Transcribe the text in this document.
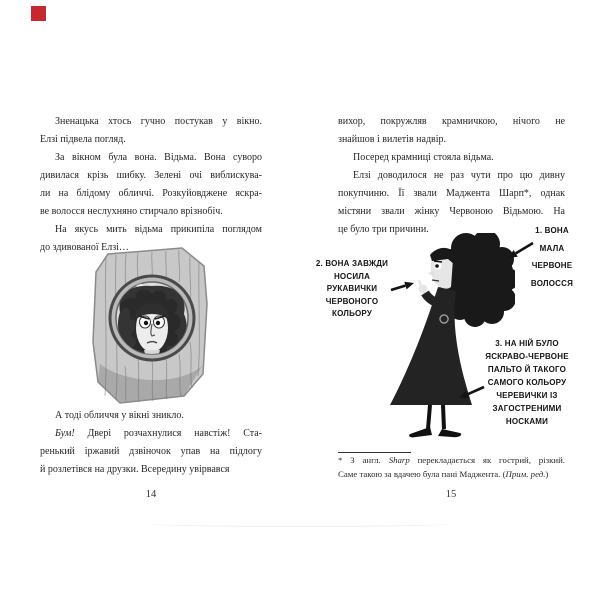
Зненацька хтось гучно постукав у вікно.
Елзі підвела погляд.
За вікном була вона. Відьма. Вона суворо
дивилася крізь шибку. Зелені очі виблискува-
ли на блідому обличчі. Розкуйовджене яскра-
ве волосся неслухняно стирчало врізнобіч.
На якусь мить відьма прикипіла поглядом
до здивованої Елзі…
А тоді обличчя у вікні зникло.
Бум! Двері розчахнулися навстіж! Ста-
ренький іржавий дзвіночок упав на підлогу
й розлетівся на друзки. Всередину увірвався
14
вихор, покружляв крамничкою, нічого не
знайшов і вилетів надвір.
Посеред крамниці стояла відьма.
Елзі доводилося не раз чути про цю дивну
покупчиню. Її звали Маджента Шарп*, однак
містяни звали жінку Червоною Відьмою. На
це було три причини.	1. ВОНА
МАЛА
ЧЕРВОНЕ
ВОЛОССЯ
2. ВОНА ЗАВЖДИ
НОСИЛА
РУКАВИЧКИ
ЧЕРВОНОГО
КОЛЬОРУ
3. НА НІЙ БУЛО
ЯСКРАВО-ЧЕРВОНЕ
ПАЛЬТО Й ТАКОГО
САМОГО КОЛЬОРУ
ЧЕРЕВИЧКИ ІЗ
ЗАГОСТРЕНИМИ
НОСКАМИ
* З англ. Sharp перекладається як гострий, різкий.
Саме такою за вдачею була пані Маджента. (Прим. ред.)
15
